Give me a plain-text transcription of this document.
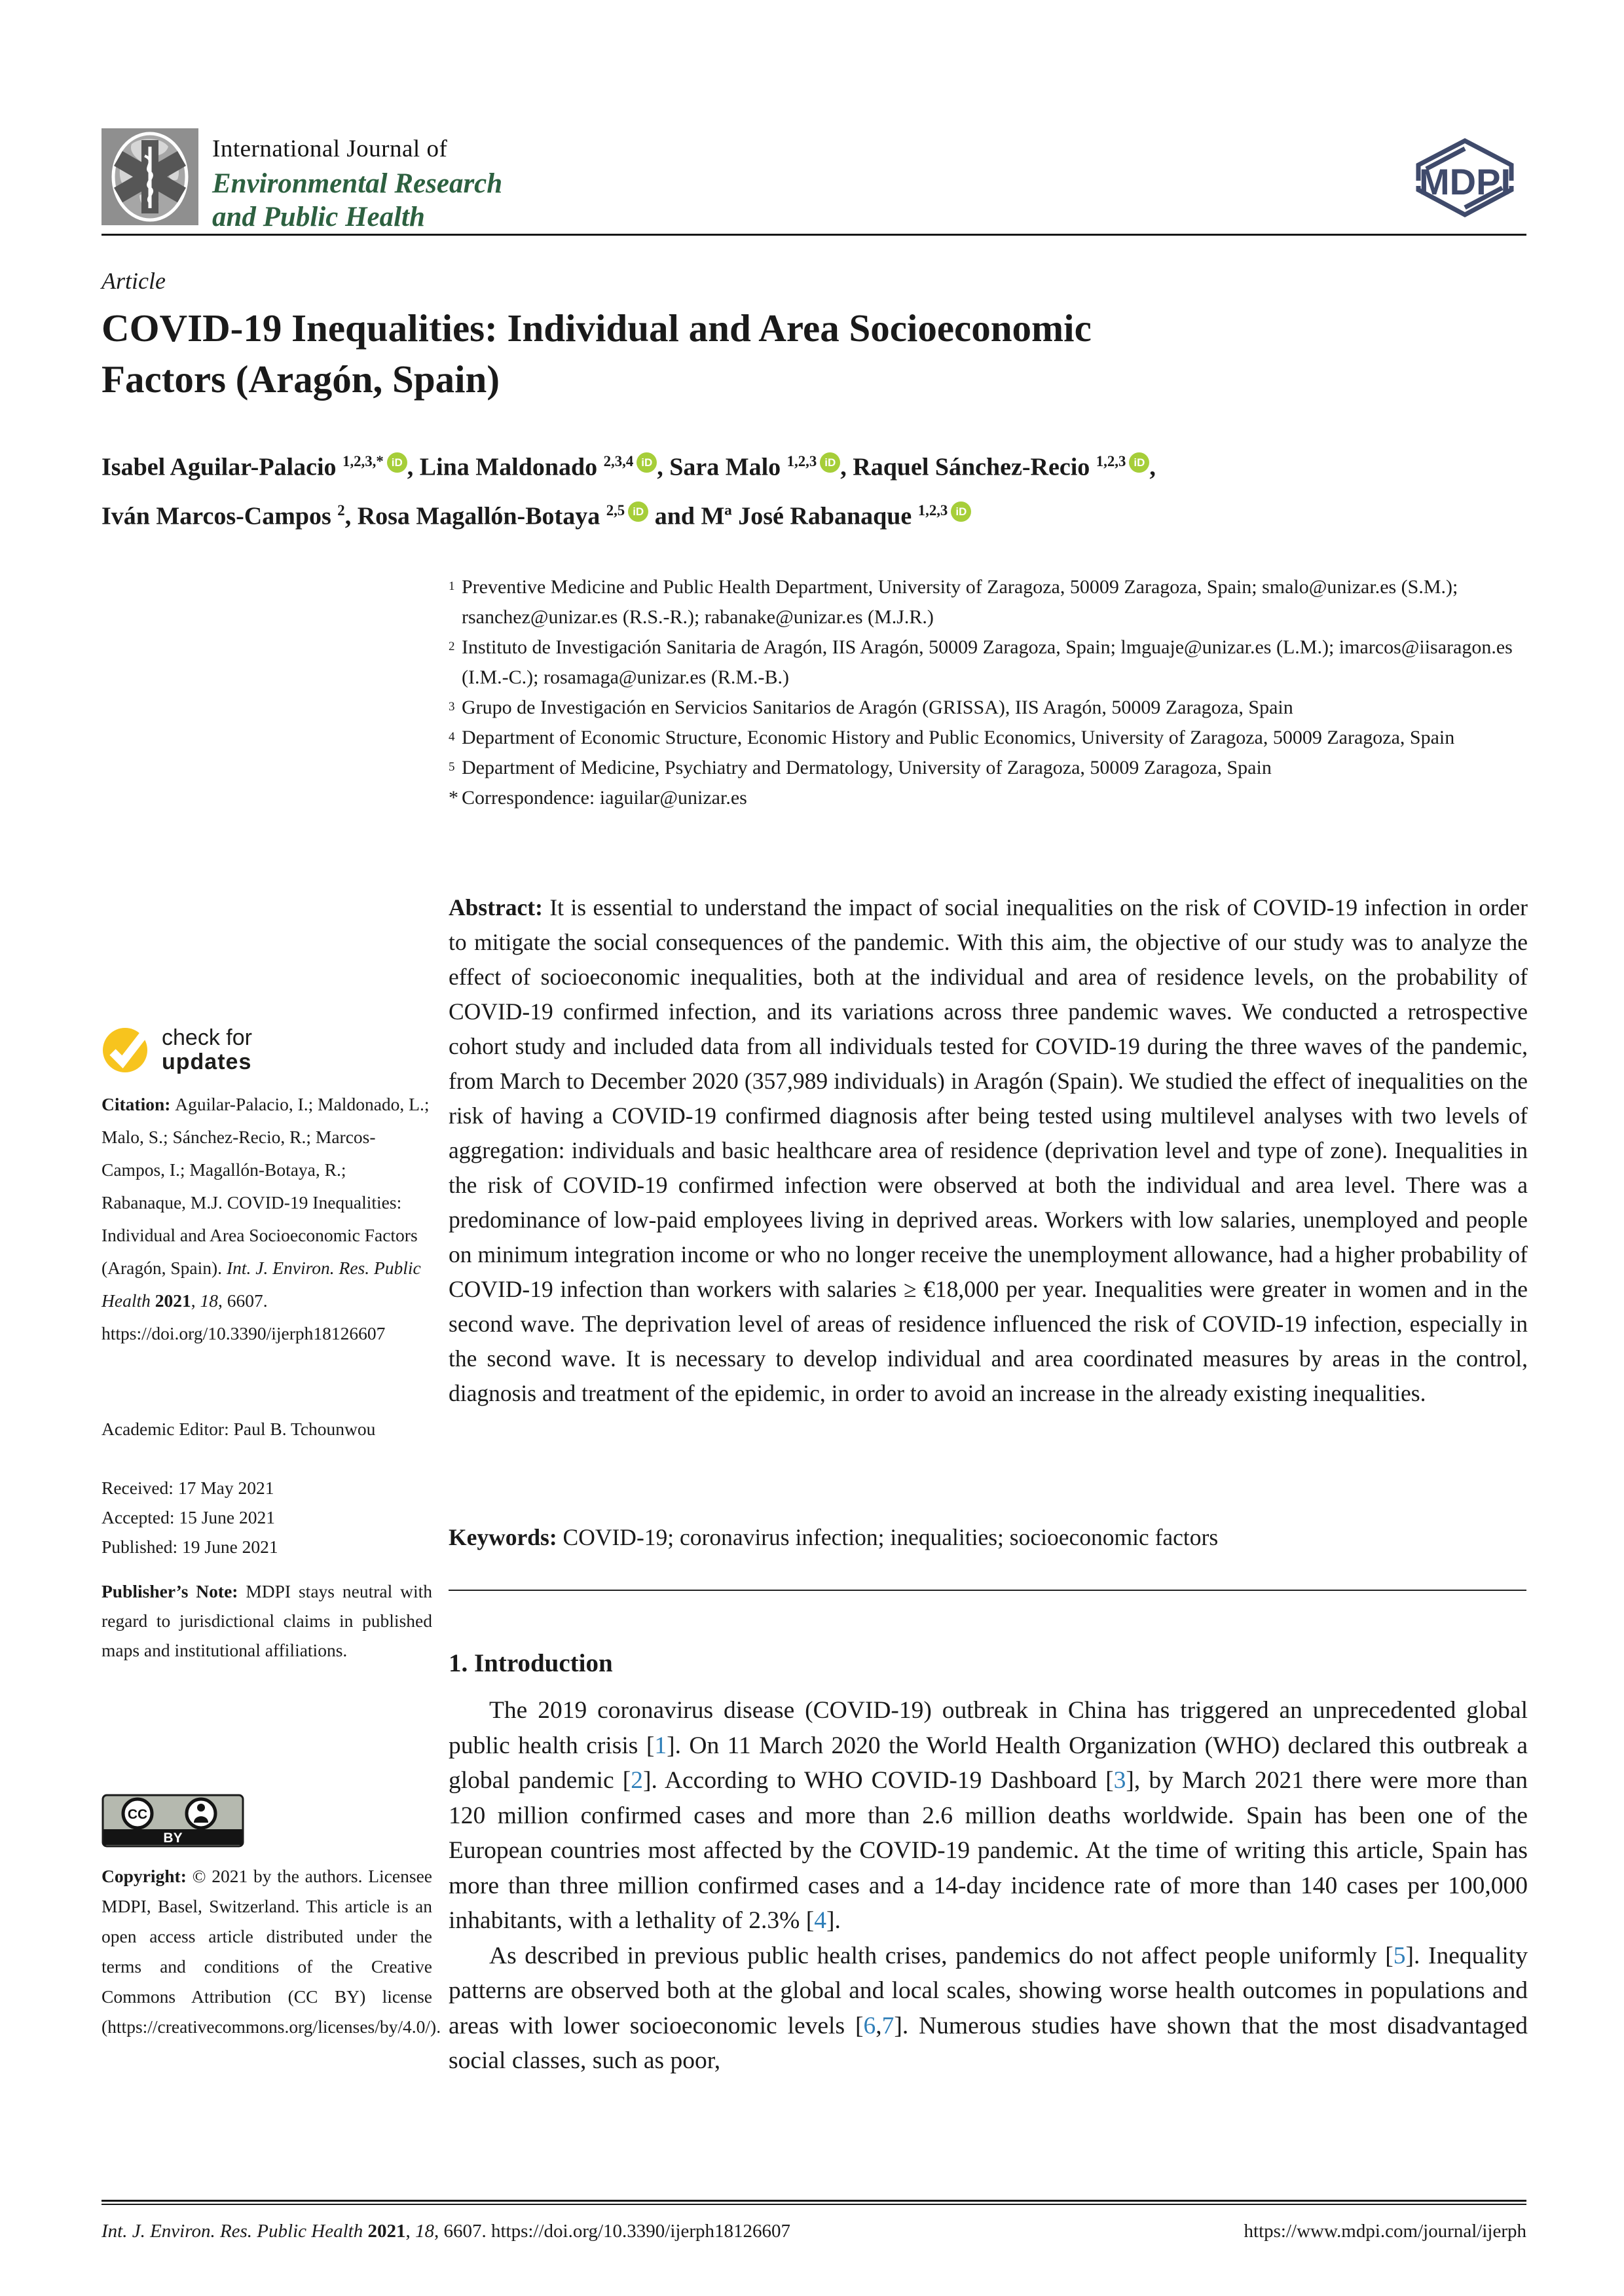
International Journal of
Environmental Research
and Public Health
MDPI
Article
COVID-19 Inequalities: Individual and Area Socioeconomic
Factors (Aragón, Spain)
Isabel Aguilar-Palacio $^{1,2,3,*}$ iD , Lina Maldonado $^{2,3,4}$ iD , Sara Malo $^{1,2,3}$ iD , Raquel Sánchez-Recio $^{1,2,3}$ iD ,
Iván Marcos-Campos $^2$, Rosa Magallón-Botaya $^{2,5}$ iD and Mª José Rabanaque $^{1,2,3}$ iD
1 Preventive Medicine and Public Health Department, University of Zaragoza, 50009 Zaragoza, Spain; smalo@unizar.es (S.M.); rsanchez@unizar.es (R.S.-R.); rabanake@unizar.es (M.J.R.)
2 Instituto de Investigación Sanitaria de Aragón, IIS Aragón, 50009 Zaragoza, Spain; lmguaje@unizar.es (L.M.); imarcos@iisaragon.es (I.M.-C.); rosamaga@unizar.es (R.M.-B.)
3 Grupo de Investigación en Servicios Sanitarios de Aragón (GRISSA), IIS Aragón, 50009 Zaragoza, Spain
4 Department of Economic Structure, Economic History and Public Economics, University of Zaragoza, 50009 Zaragoza, Spain
5 Department of Medicine, Psychiatry and Dermatology, University of Zaragoza, 50009 Zaragoza, Spain
* Correspondence: iaguilar@unizar.es
Abstract: It is essential to understand the impact of social inequalities on the risk of COVID-19 infection in order to mitigate the social consequences of the pandemic. With this aim, the objective of our study was to analyze the effect of socioeconomic inequalities, both at the individual and area of residence levels, on the probability of COVID-19 confirmed infection, and its variations across three pandemic waves. We conducted a retrospective cohort study and included data from all individuals tested for COVID-19 during the three waves of the pandemic, from March to December 2020 (357,989 individuals) in Aragón (Spain). We studied the effect of inequalities on the risk of having a COVID-19 confirmed diagnosis after being tested using multilevel analyses with two levels of aggregation: individuals and basic healthcare area of residence (deprivation level and type of zone). Inequalities in the risk of COVID-19 confirmed infection were observed at both the individual and area level. There was a predominance of low-paid employees living in deprived areas. Workers with low salaries, unemployed and people on minimum integration income or who no longer receive the unemployment allowance, had a higher probability of COVID-19 infection than workers with salaries ≥ €18,000 per year. Inequalities were greater in women and in the second wave. The deprivation level of areas of residence influenced the risk of COVID-19 infection, especially in the second wave. It is necessary to develop individual and area coordinated measures by areas in the control, diagnosis and treatment of the epidemic, in order to avoid an increase in the already existing inequalities.
Keywords: COVID-19; coronavirus infection; inequalities; socioeconomic factors
1. Introduction

The 2019 coronavirus disease (COVID-19) outbreak in China has triggered an unprecedented global public health crisis [1]. On 11 March 2020 the World Health Organization (WHO) declared this outbreak a global pandemic [2]. According to WHO COVID-19 Dashboard [3], by March 2021 there were more than 120 million confirmed cases and more than 2.6 million deaths worldwide. Spain has been one of the European countries most affected by the COVID-19 pandemic. At the time of writing this article, Spain has more than three million confirmed cases and a 14-day incidence rate of more than 140 cases per 100,000 inhabitants, with a lethality of 2.3% [4].

As described in previous public health crises, pandemics do not affect people uniformly [5]. Inequality patterns are observed both at the global and local scales, showing worse health outcomes in populations and areas with lower socioeconomic levels [6,7]. Numerous studies have shown that the most disadvantaged social classes, such as poor,

check for
updates
Citation: Aguilar-Palacio, I.; Maldonado, L.; Malo, S.; Sánchez-Recio, R.; Marcos-Campos, I.; Magallón-Botaya, R.; Rabanaque, M.J. COVID-19 Inequalities: Individual and Area Socioeconomic Factors (Aragón, Spain). Int. J. Environ. Res. Public Health 2021, 18, 6607. https://doi.org/10.3390/ijerph18126607
Academic Editor: Paul B. Tchounwou
Received: 17 May 2021
Accepted: 15 June 2021
Published: 19 June 2021
Publisher’s Note: MDPI stays neutral with regard to jurisdictional claims in published maps and institutional affiliations.
CC
BY
Copyright: © 2021 by the authors. Licensee MDPI, Basel, Switzerland. This article is an open access article distributed under the terms and conditions of the Creative Commons Attribution (CC BY) license (https://creativecommons.org/licenses/by/4.0/).
Int. J. Environ. Res. Public Health 2021, 18, 6607. https://doi.org/10.3390/ijerph18126607	https://www.mdpi.com/journal/ijerph
